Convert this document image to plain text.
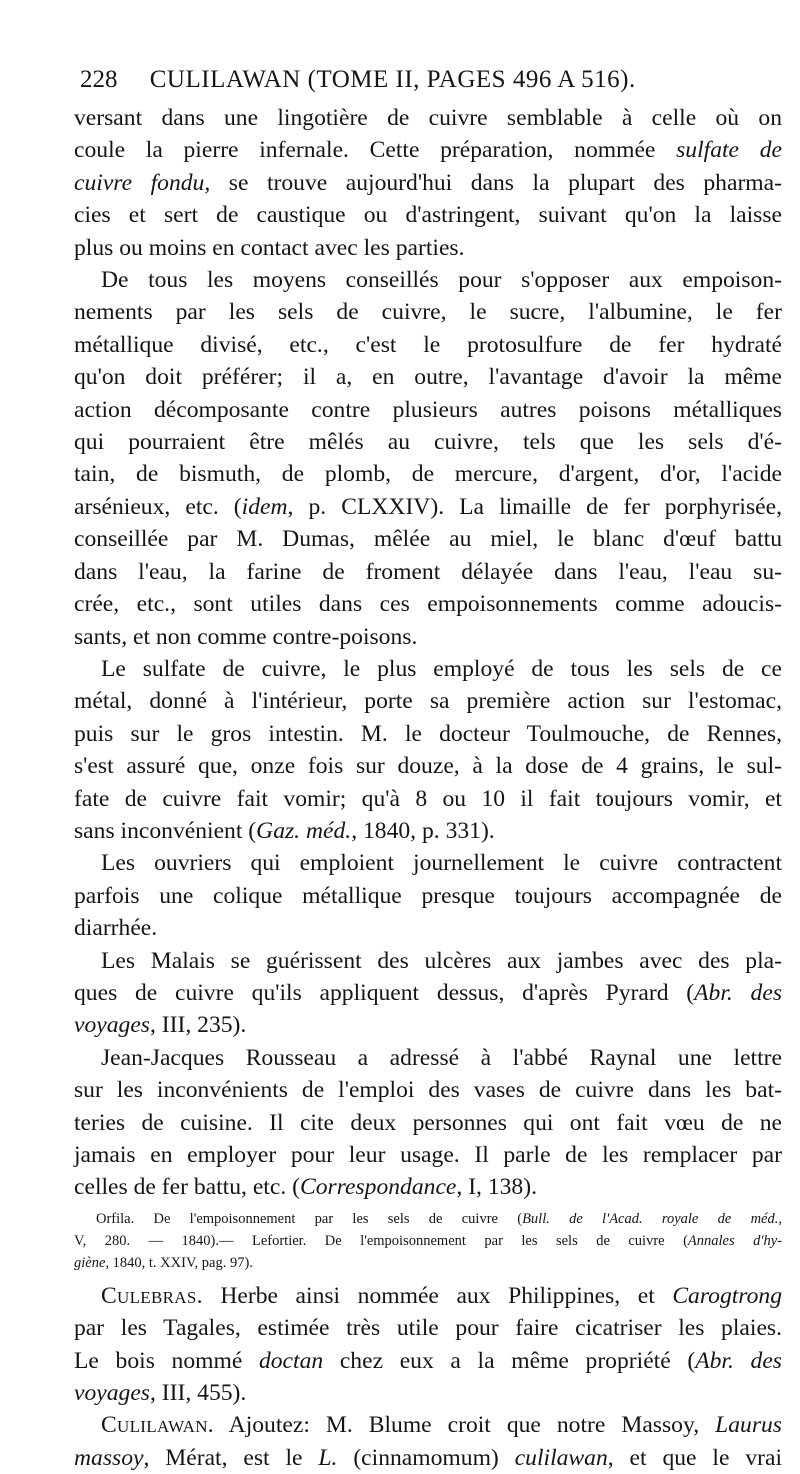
228 CULILAWAN (TOME II, PAGES 496 A 516).
versant dans une lingotière de cuivre semblable à celle où on
coule la pierre infernale. Cette préparation, nommée sulfate de
cuivre fondu, se trouve aujourd'hui dans la plupart des pharma-
cies et sert de caustique ou d'astringent, suivant qu'on la laisse
plus ou moins en contact avec les parties.
De tous les moyens conseillés pour s'opposer aux empoison-
nements par les sels de cuivre, le sucre, l'albumine, le fer
métallique divisé, etc., c'est le protosulfure de fer hydraté
qu'on doit préférer; il a, en outre, l'avantage d'avoir la même
action décomposante contre plusieurs autres poisons métalliques
qui pourraient être mêlés au cuivre, tels que les sels d'é-
tain, de bismuth, de plomb, de mercure, d'argent, d'or, l'acide
arsénieux, etc. (idem, p. CLXXIV). La limaille de fer porphyrisée,
conseillée par M. Dumas, mêlée au miel, le blanc d'œuf battu
dans l'eau, la farine de froment délayée dans l'eau, l'eau su-
crée, etc., sont utiles dans ces empoisonnements comme adoucis-
sants, et non comme contre-poisons.
Le sulfate de cuivre, le plus employé de tous les sels de ce
métal, donné à l'intérieur, porte sa première action sur l'estomac,
puis sur le gros intestin. M. le docteur Toulmouche, de Rennes,
s'est assuré que, onze fois sur douze, à la dose de 4 grains, le sul-
fate de cuivre fait vomir; qu'à 8 ou 10 il fait toujours vomir, et
sans inconvénient (Gaz. méd., 1840, p. 331).
Les ouvriers qui emploient journellement le cuivre contractent
parfois une colique métallique presque toujours accompagnée de
diarrhée.
Les Malais se guérissent des ulcères aux jambes avec des pla-
ques de cuivre qu'ils appliquent dessus, d'après Pyrard (Abr. des
voyages, III, 235).
Jean-Jacques Rousseau a adressé à l'abbé Raynal une lettre
sur les inconvénients de l'emploi des vases de cuivre dans les bat-
teries de cuisine. Il cite deux personnes qui ont fait vœu de ne
jamais en employer pour leur usage. Il parle de les remplacer par
celles de fer battu, etc. (Correspondance, I, 138).
Orfila. De l'empoisonnement par les sels de cuivre (Bull. de l'Acad. royale de méd.,
V, 280. — 1840).— Lefortier. De l'empoisonnement par les sels de cuivre (Annales d'hy-
giène, 1840, t. XXIV, pag. 97).
Culebras. Herbe ainsi nommée aux Philippines, et Carogtrong
par les Tagales, estimée très utile pour faire cicatriser les plaies.
Le bois nommé doctan chez eux a la même propriété (Abr. des
voyages, III, 455).
Culilawan. Ajoutez: M. Blume croit que notre Massoy, Laurus
massoy, Mérat, est le L. (cinnamomum) culilawan, et que le vrai
